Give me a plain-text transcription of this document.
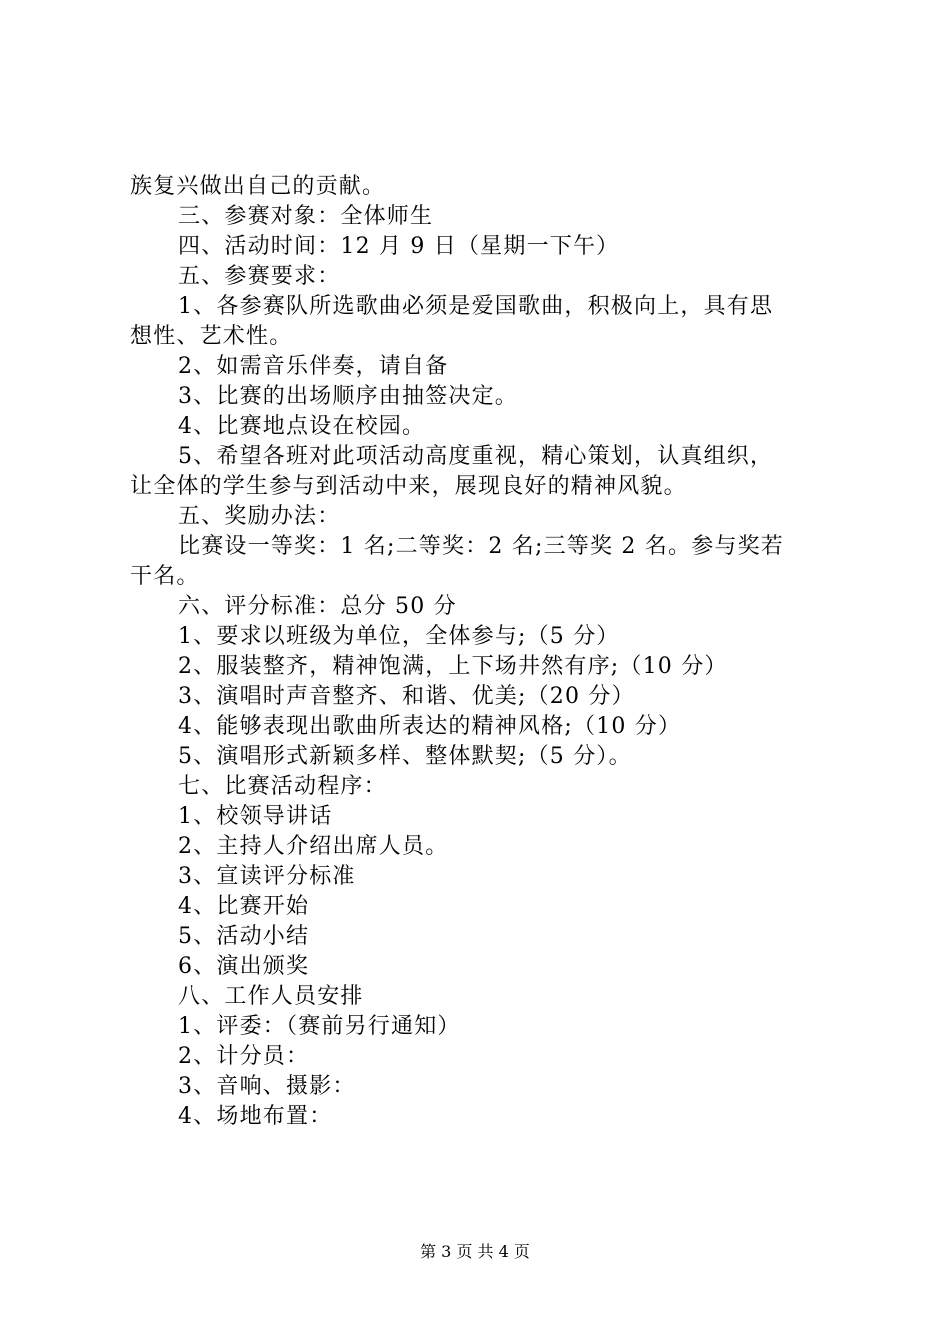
族复兴做出自己的贡献。
三、参赛对象：全体师生
四、活动时间：12 月 9 日（星期一下午）
五、参赛要求：
1、各参赛队所选歌曲必须是爱国歌曲，积极向上，具有思
想性、艺术性。
2、如需音乐伴奏，请自备
3、比赛的出场顺序由抽签决定。
4、比赛地点设在校园。
5、希望各班对此项活动高度重视，精心策划，认真组织，
让全体的学生参与到活动中来，展现良好的精神风貌。
五、奖励办法：
比赛设一等奖：1 名;二等奖：2 名;三等奖 2 名。参与奖若
干名。
六、评分标准：总分 50 分
1、要求以班级为单位，全体参与;（5 分）
2、服装整齐，精神饱满，上下场井然有序;（10 分）
3、演唱时声音整齐、和谐、优美;（20 分）
4、能够表现出歌曲所表达的精神风格;（10 分）
5、演唱形式新颖多样、整体默契;（5 分）。
七、比赛活动程序：
1、校领导讲话
2、主持人介绍出席人员。
3、宣读评分标准
4、比赛开始
5、活动小结
6、演出颁奖
八、工作人员安排
1、评委：（赛前另行通知）
2、计分员：
3、音响、摄影：
4、场地布置：
第 3 页 共 4 页
